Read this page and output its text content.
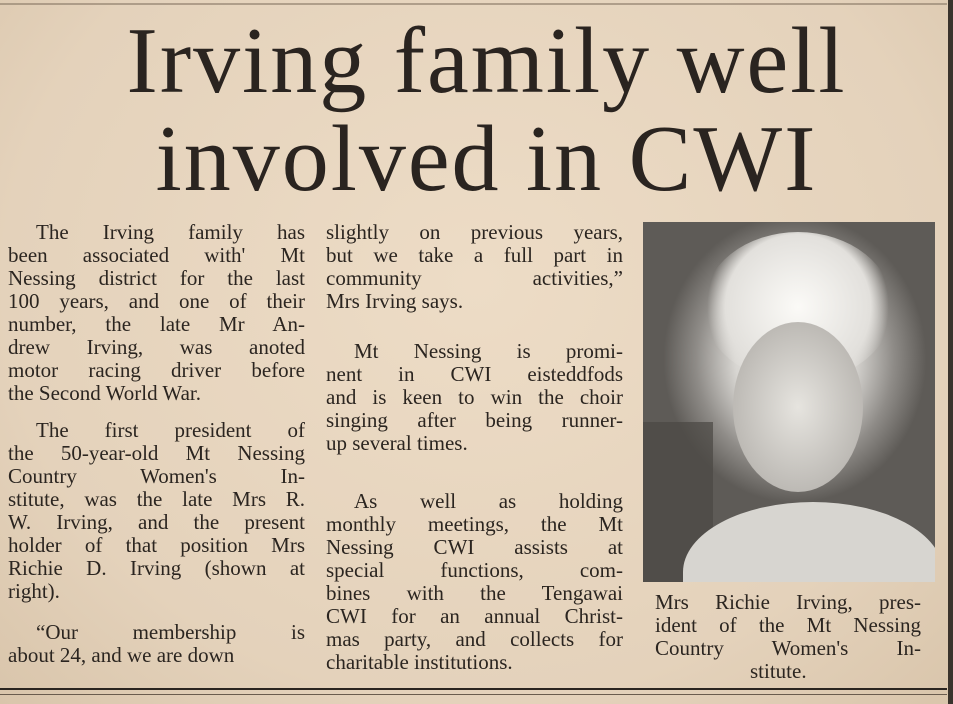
Irving family well
involved in CWI
The Irving family has
been associated with' Mt
Nessing district for the last
100 years, and one of their
number, the late Mr An-
drew Irving, was anoted
motor racing driver before
the Second World War.
The first president of
the 50-year-old Mt Nessing
Country Women's In-
stitute, was the late Mrs R.
W. Irving, and the present
holder of that position Mrs
Richie D. Irving (shown at
right).
“Our membership is
about 24, and we are down
slightly on previous years,
but we take a full part in
community activities,”
Mrs Irving says.
Mt Nessing is promi-
nent in CWI eisteddfods
and is keen to win the choir
singing after being runner-
up several times.
As well as holding
monthly meetings, the Mt
Nessing CWI assists at
special functions, com-
bines with the Tengawai
CWI for an annual Christ-
mas party, and collects for
charitable institutions.
Mrs Richie Irving, pres-
ident of the Mt Nessing
Country Women's In-
stitute.
